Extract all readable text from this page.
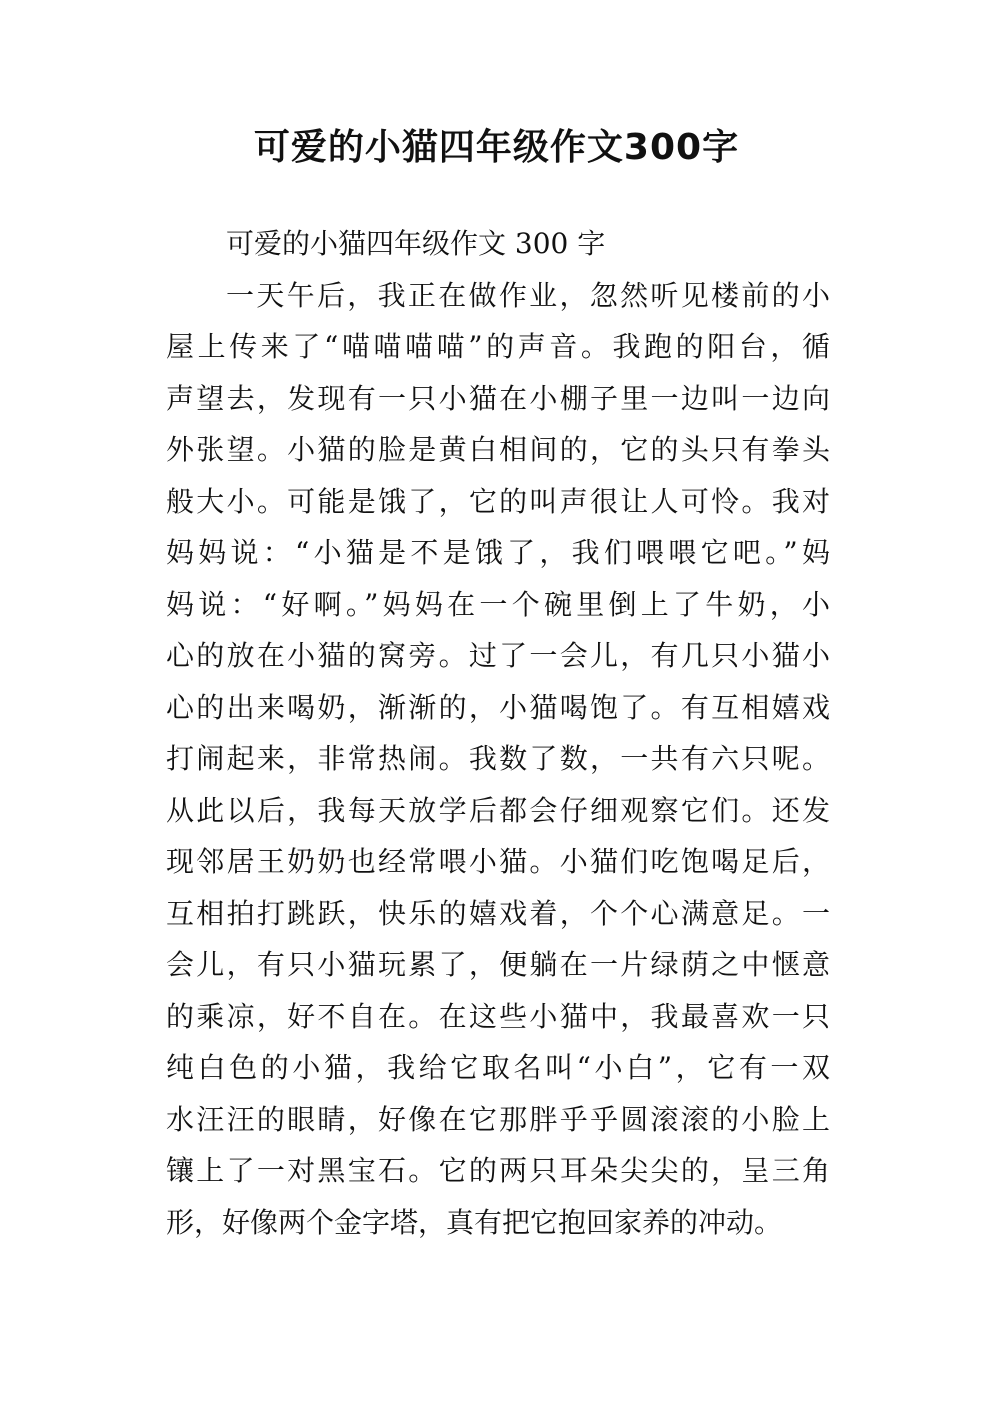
可爱的小猫四年级作文300字
可爱的小猫四年级作文 300 字
一天午后，我正在做作业，忽然听见楼前的小
屋上传来了“喵喵喵喵”的声音。我跑的阳台，循
声望去，发现有一只小猫在小棚子里一边叫一边向
外张望。小猫的脸是黄白相间的，它的头只有拳头
般大小。可能是饿了，它的叫声很让人可怜。我对
妈妈说：“小猫是不是饿了，我们喂喂它吧。”妈
妈说：“好啊。”妈妈在一个碗里倒上了牛奶，小
心的放在小猫的窝旁。过了一会儿，有几只小猫小
心的出来喝奶，渐渐的，小猫喝饱了。有互相嬉戏
打闹起来，非常热闹。我数了数，一共有六只呢。
从此以后，我每天放学后都会仔细观察它们。还发
现邻居王奶奶也经常喂小猫。小猫们吃饱喝足后，
互相拍打跳跃，快乐的嬉戏着，个个心满意足。一
会儿，有只小猫玩累了，便躺在一片绿荫之中惬意
的乘凉，好不自在。在这些小猫中，我最喜欢一只
纯白色的小猫，我给它取名叫“小白”，它有一双
水汪汪的眼睛，好像在它那胖乎乎圆滚滚的小脸上
镶上了一对黑宝石。它的两只耳朵尖尖的，呈三角
形，好像两个金字塔，真有把它抱回家养的冲动。
